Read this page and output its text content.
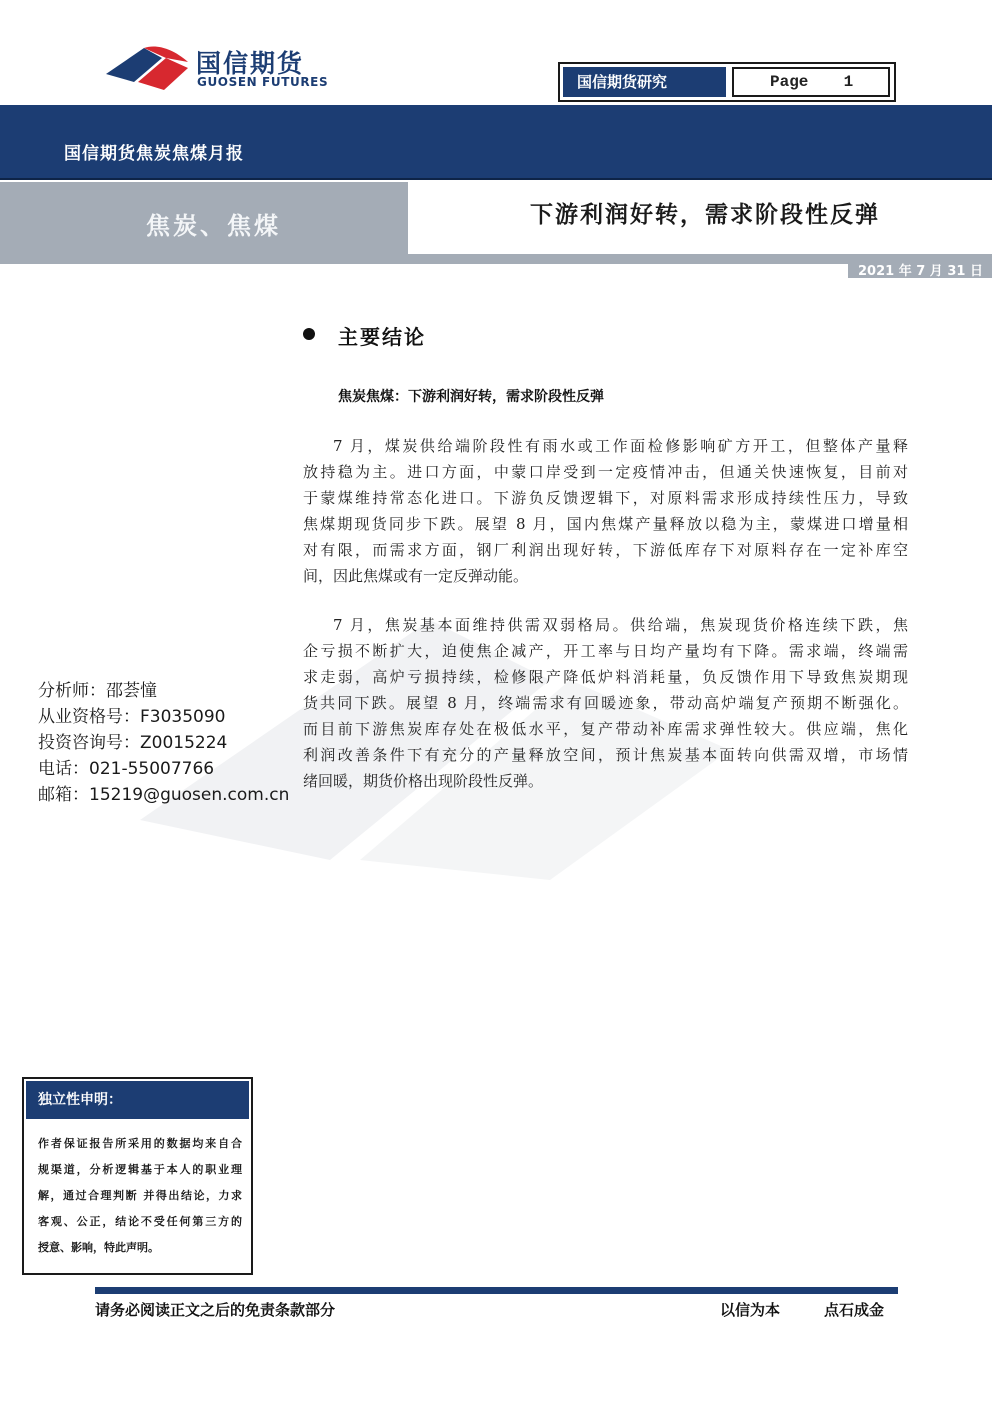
国信期货
GUOSEN FUTURES	国信期货研究	Page 1
国信期货焦炭焦煤月报
焦炭、焦煤	下游利润好转，需求阶段性反弹
2021 年 7 月 31 日
主要结论
焦炭焦煤：下游利润好转，需求阶段性反弹
7 月，煤炭供给端阶段性有雨水或工作面检修影响矿方开工，但整体产量释
放持稳为主。进口方面，中蒙口岸受到一定疫情冲击，但通关快速恢复，目前对
于蒙煤维持常态化进口。下游负反馈逻辑下，对原料需求形成持续性压力，导致
焦煤期现货同步下跌。展望 8 月，国内焦煤产量释放以稳为主，蒙煤进口增量相
对有限，而需求方面，钢厂利润出现好转，下游低库存下对原料存在一定补库空
间，因此焦煤或有一定反弹动能。
7 月，焦炭基本面维持供需双弱格局。供给端，焦炭现货价格连续下跌，焦
企亏损不断扩大，迫使焦企减产，开工率与日均产量均有下降。需求端，终端需
求走弱，高炉亏损持续，检修限产降低炉料消耗量，负反馈作用下导致焦炭期现
货共同下跌。展望 8 月，终端需求有回暖迹象，带动高炉端复产预期不断强化。
而目前下游焦炭库存处在极低水平，复产带动补库需求弹性较大。供应端，焦化
利润改善条件下有充分的产量释放空间，预计焦炭基本面转向供需双增，市场情
绪回暖，期货价格出现阶段性反弹。
分析师：邵荟憧
从业资格号：F3035090
投资咨询号：Z0015224
电话：021-55007766
邮箱：15219@guosen.com.cn
独立性申明：
作者保证报告所采用的数据均来自合
规渠道，分析逻辑基于本人的职业理
解，通过合理判断 并得出结论，力求
客观、公正，结论不受任何第三方的
授意、影响，特此声明。
请务必阅读正文之后的免责条款部分	以信为本	点石成金
